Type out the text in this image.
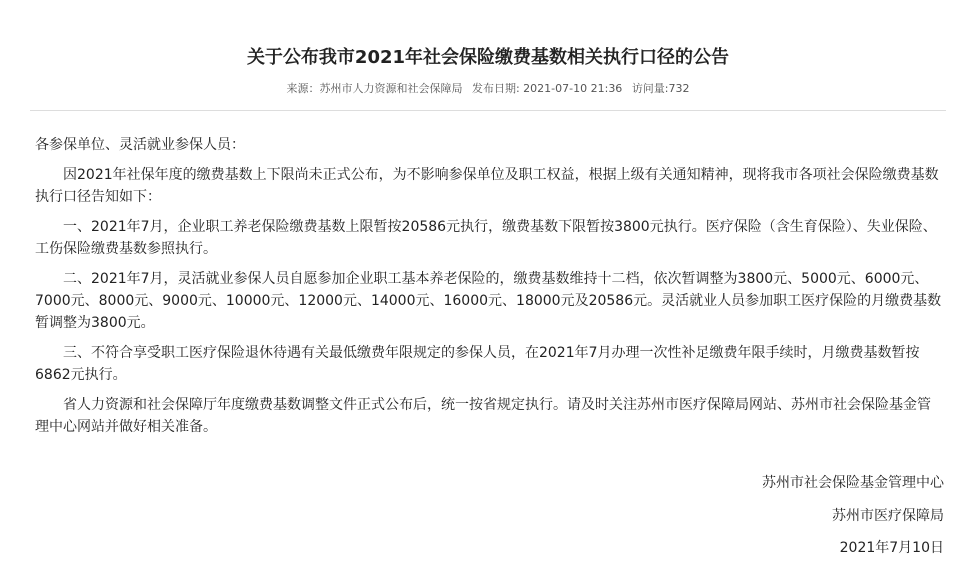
关于公布我市2021年社会保险缴费基数相关执行口径的公告
来源：苏州市人力资源和社会保障局 发布日期: 2021-07-10 21:36 访问量:732

各参保单位、灵活就业参保人员：

因2021年社保年度的缴费基数上下限尚未正式公布，为不影响参保单位及职工权益，根据上级有关通知精神，现将我市各项社会保险缴费基数执行口径告知如下：

一、2021年7月，企业职工养老保险缴费基数上限暂按20586元执行，缴费基数下限暂按3800元执行。医疗保险（含生育保险）、失业保险、工伤保险缴费基数参照执行。

二、2021年7月，灵活就业参保人员自愿参加企业职工基本养老保险的，缴费基数维持十二档，依次暂调整为3800元、5000元、6000元、7000元、8000元、9000元、10000元、12000元、14000元、16000元、18000元及20586元。灵活就业人员参加职工医疗保险的月缴费基数暂调整为3800元。

三、不符合享受职工医疗保险退休待遇有关最低缴费年限规定的参保人员，在2021年7月办理一次性补足缴费年限手续时，月缴费基数暂按6862元执行。

省人力资源和社会保障厅年度缴费基数调整文件正式公布后，统一按省规定执行。请及时关注苏州市医疗保障局网站、苏州市社会保险基金管理中心网站并做好相关准备。

苏州市社会保险基金管理中心
苏州市医疗保障局
2021年7月10日
